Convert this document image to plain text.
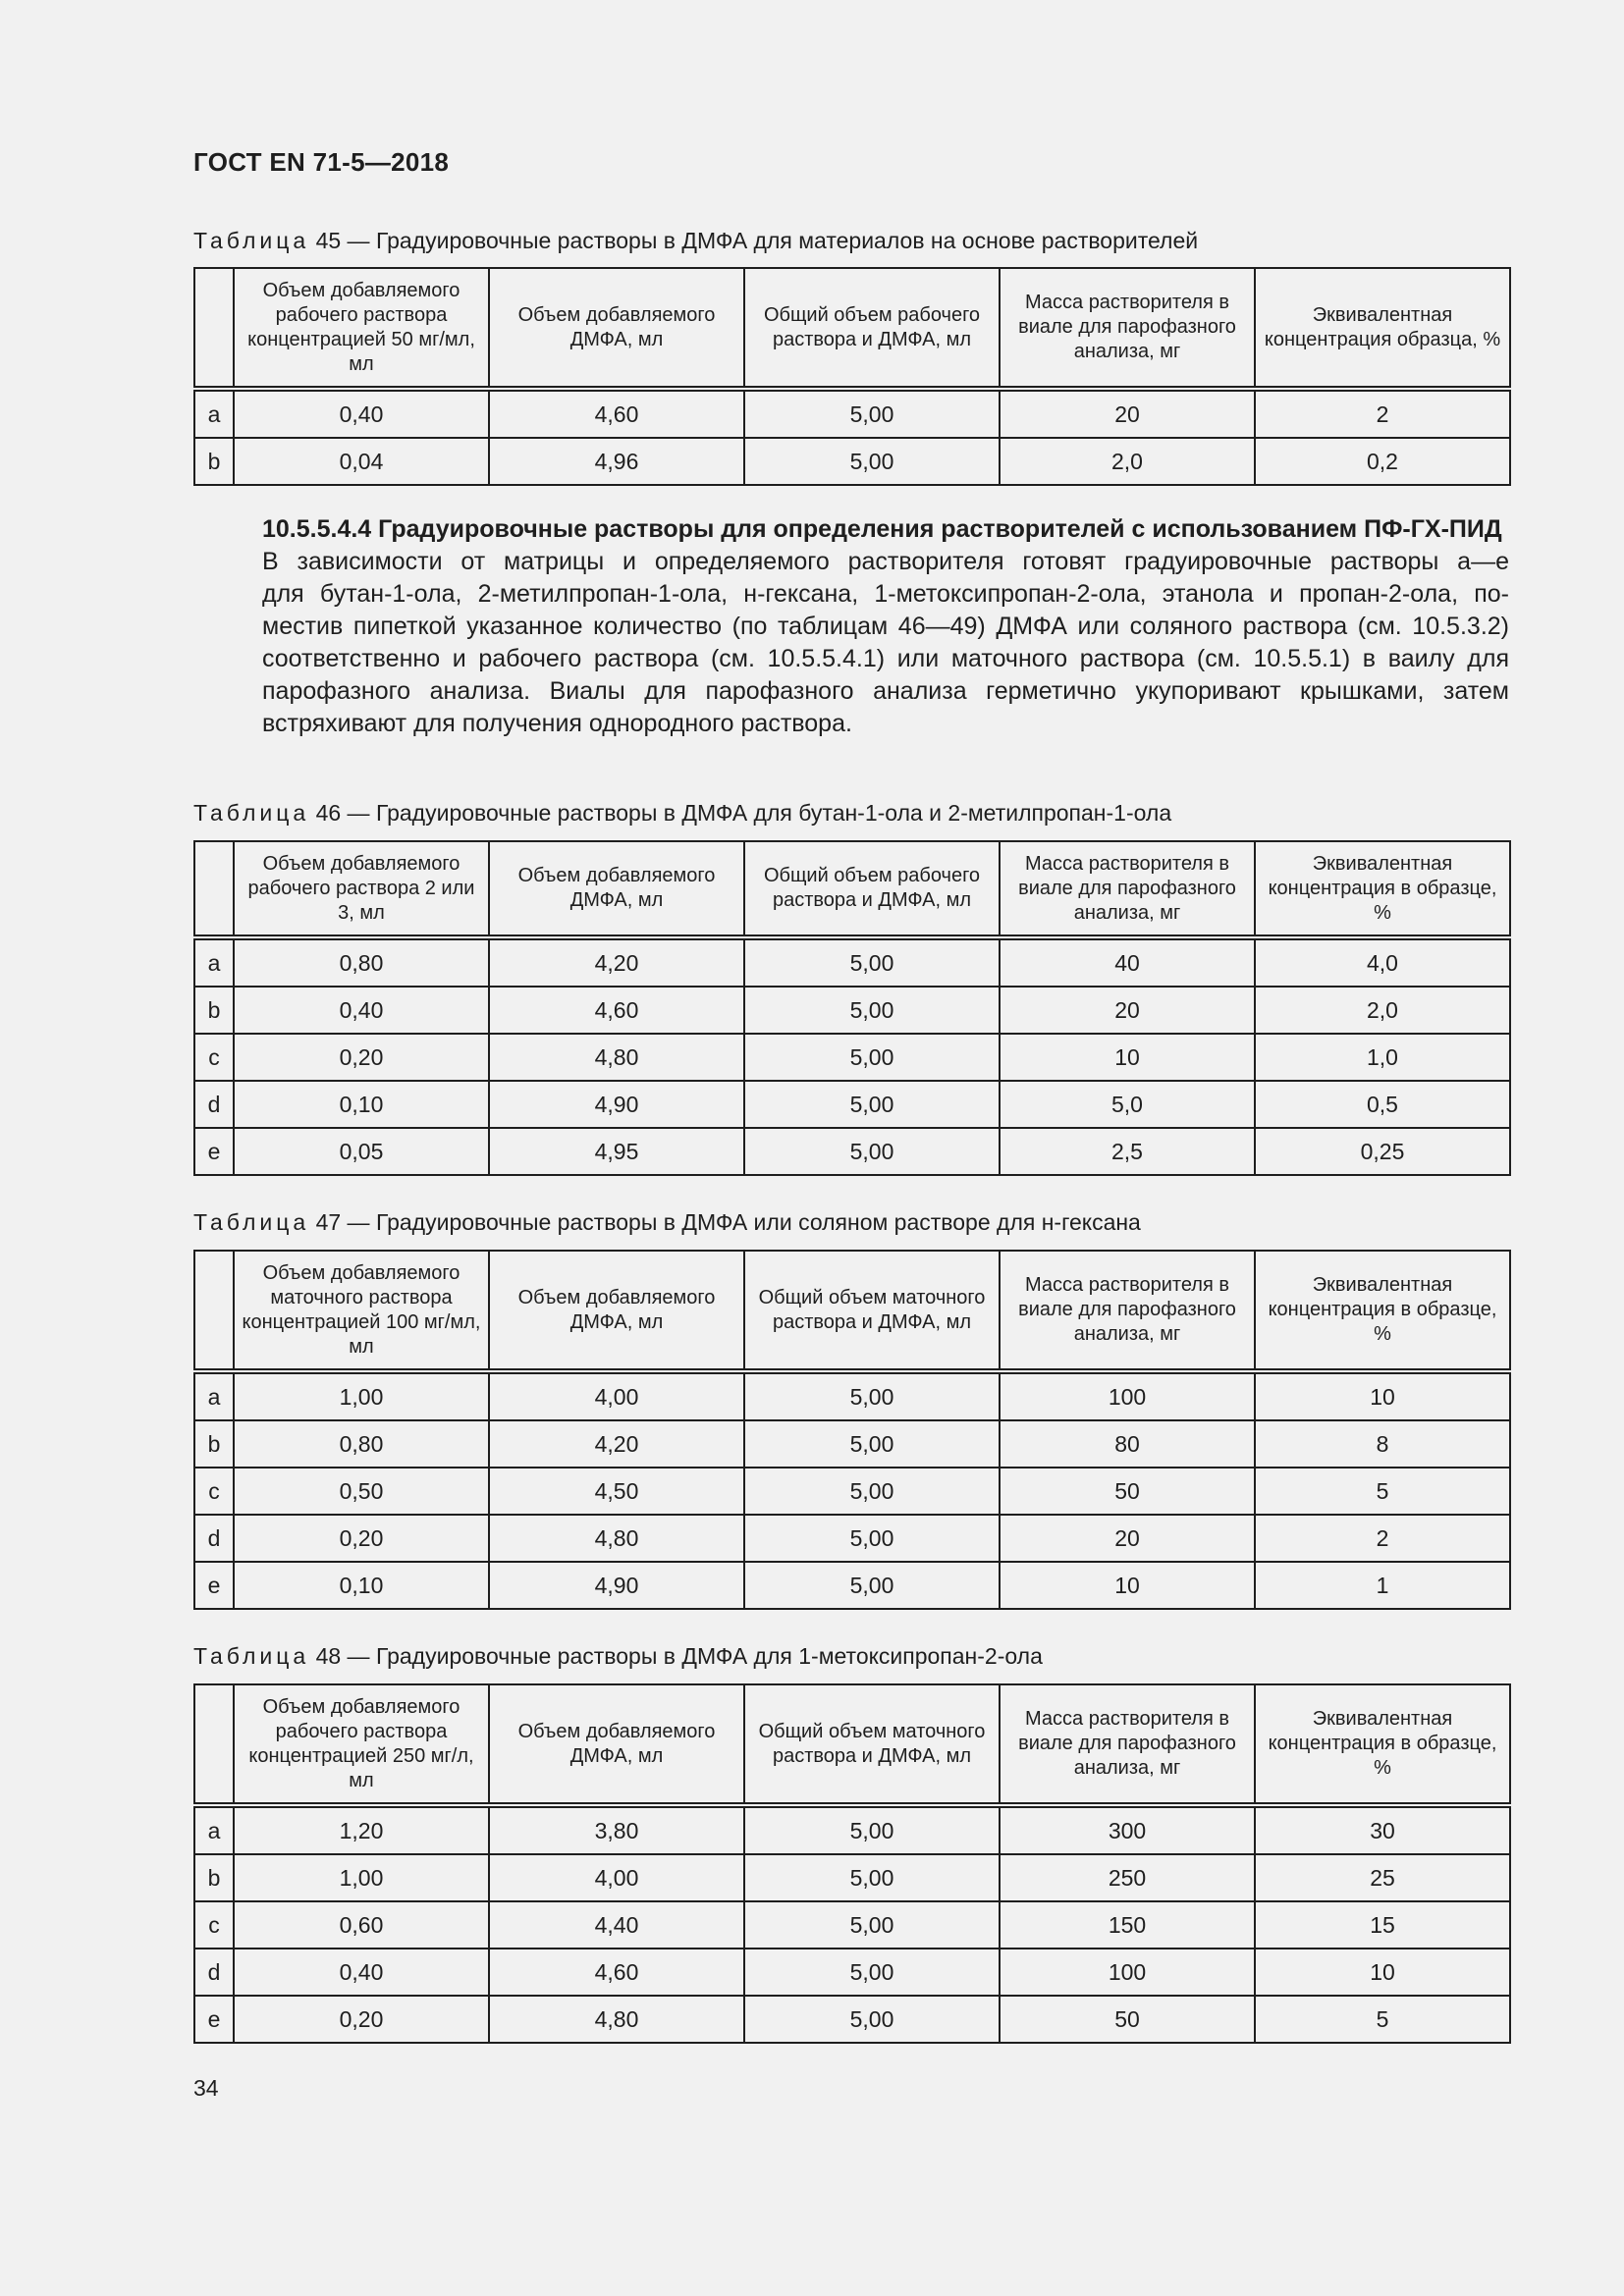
ГОСТ EN 71-5—2018
Таблица 45 — Градуировочные растворы в ДМФА для материалов на основе растворителей
	Объем добавляемого рабочего раствора концентрацией 50 мг/мл, мл	Объем добавляемого ДМФА, мл	Общий объем рабочего раствора и ДМФА, мл	Масса растворителя в виале для парофазного анализа, мг	Эквивалентная концентрация образца, %
a	0,40	4,60	5,00	20	2
b	0,04	4,96	5,00	2,0	0,2
10.5.5.4.4 Градуировочные растворы для определения растворителей с использованием ПФ-ГХ-ПИД
В зависимости от матрицы и определяемого растворителя готовят градуировочные растворы а—е
для бутан-1-ола, 2-метилпропан-1-ола, н-гексана, 1-метоксипропан-2-ола, этанола и пропан-2-ола, по-
местив пипеткой указанное количество (по таблицам 46—49) ДМФА или соляного раствора (см. 10.5.3.2)
соответственно и рабочего раствора (см. 10.5.5.4.1) или маточного раствора (см. 10.5.5.1) в ваилу для
парофазного анализа. Виалы для парофазного анализа герметично укупоривают крышками, затем
встряхивают для получения однородного раствора.
Таблица 46 — Градуировочные растворы в ДМФА для бутан-1-ола и 2-метилпропан-1-ола
	Объем добавляемого рабочего раствора 2 или 3, мл	Объем добавляемого ДМФА, мл	Общий объем рабочего раствора и ДМФА, мл	Масса растворителя в виале для парофазного анализа, мг	Эквивалентная концентрация в образце, %
a	0,80	4,20	5,00	40	4,0
b	0,40	4,60	5,00	20	2,0
c	0,20	4,80	5,00	10	1,0
d	0,10	4,90	5,00	5,0	0,5
e	0,05	4,95	5,00	2,5	0,25
Таблица 47 — Градуировочные растворы в ДМФА или соляном растворе для н-гексана
	Объем добавляемого маточного раствора концентрацией 100 мг/мл, мл	Объем добавляемого ДМФА, мл	Общий объем маточного раствора и ДМФА, мл	Масса растворителя в виале для парофазного анализа, мг	Эквивалентная концентрация в образце, %
a	1,00	4,00	5,00	100	10
b	0,80	4,20	5,00	80	8
c	0,50	4,50	5,00	50	5
d	0,20	4,80	5,00	20	2
e	0,10	4,90	5,00	10	1
Таблица 48 — Градуировочные растворы в ДМФА для 1-метоксипропан-2-ола
	Объем добавляемого рабочего раствора концентрацией 250 мг/л, мл	Объем добавляемого ДМФА, мл	Общий объем маточного раствора и ДМФА, мл	Масса растворителя в виале для парофазного анализа, мг	Эквивалентная концентрация в образце, %
a	1,20	3,80	5,00	300	30
b	1,00	4,00	5,00	250	25
c	0,60	4,40	5,00	150	15
d	0,40	4,60	5,00	100	10
e	0,20	4,80	5,00	50	5
34
